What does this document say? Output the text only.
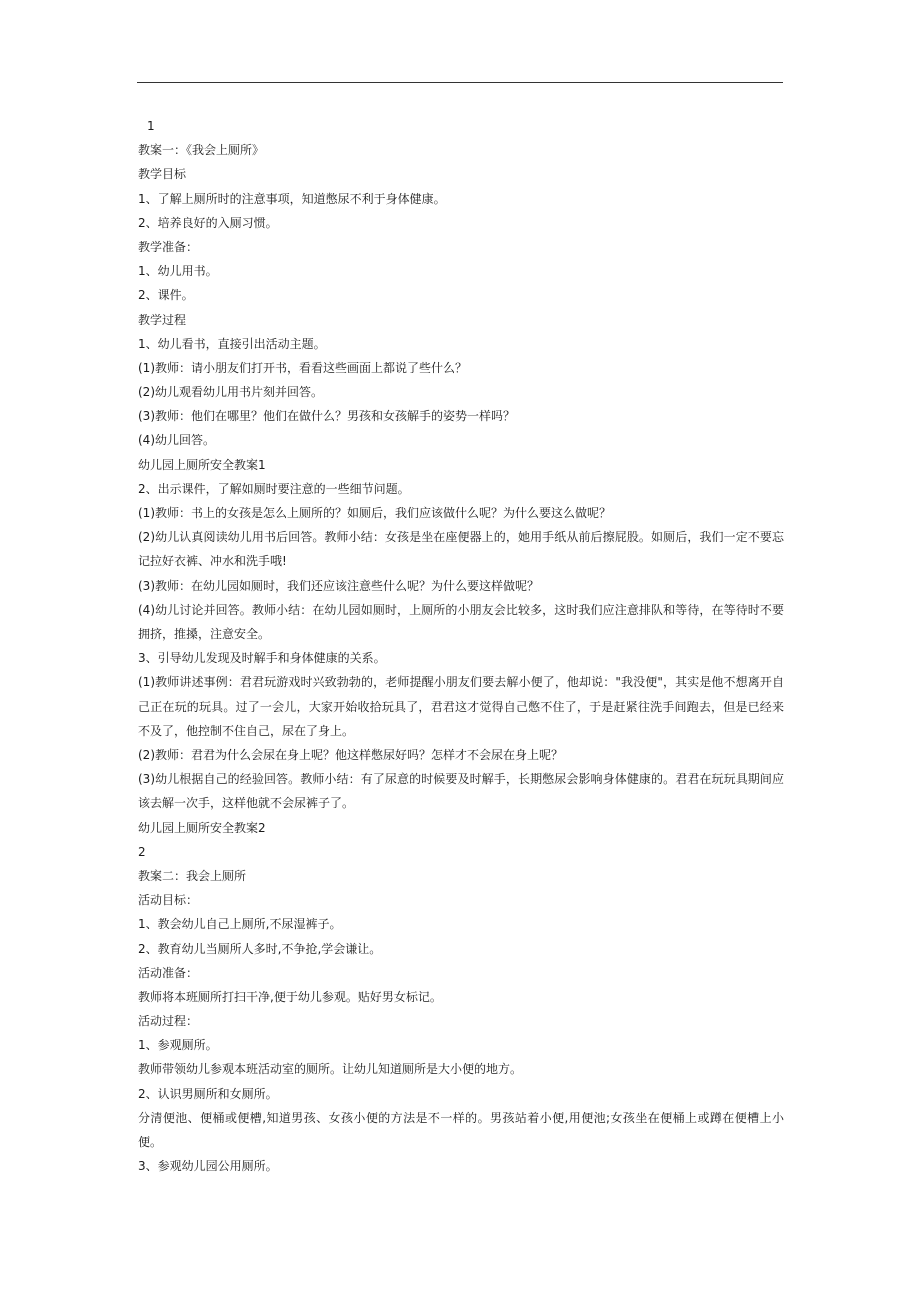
1
教案一：《我会上厕所》
教学目标
1、了解上厕所时的注意事项，知道憋尿不利于身体健康。
2、培养良好的入厕习惯。
教学准备：
1、幼儿用书。
2、课件。
教学过程
1、幼儿看书，直接引出活动主题。
(1)教师：请小朋友们打开书，看看这些画面上都说了些什么？
(2)幼儿观看幼儿用书片刻并回答。
(3)教师：他们在哪里？他们在做什么？男孩和女孩解手的姿势一样吗？
(4)幼儿回答。
幼儿园上厕所安全教案1
2、出示课件，了解如厕时要注意的一些细节问题。
(1)教师：书上的女孩是怎么上厕所的？如厕后，我们应该做什么呢？为什么要这么做呢？
(2)幼儿认真阅读幼儿用书后回答。教师小结：女孩是坐在座便器上的，她用手纸从前后擦屁股。如厕后，我们一定不要忘记拉好衣裤、冲水和洗手哦!
(3)教师：在幼儿园如厕时，我们还应该注意些什么呢？为什么要这样做呢？
(4)幼儿讨论并回答。教师小结：在幼儿园如厕时，上厕所的小朋友会比较多，这时我们应注意排队和等待，在等待时不要拥挤，推搡，注意安全。
3、引导幼儿发现及时解手和身体健康的关系。
(1)教师讲述事例：君君玩游戏时兴致勃勃的，老师提醒小朋友们要去解小便了，他却说："我没便"，其实是他不想离开自己正在玩的玩具。过了一会儿，大家开始收拾玩具了，君君这才觉得自己憋不住了，于是赶紧往洗手间跑去，但是已经来不及了，他控制不住自己，尿在了身上。
(2)教师：君君为什么会尿在身上呢？他这样憋尿好吗？怎样才不会尿在身上呢？
(3)幼儿根据自己的经验回答。教师小结：有了尿意的时候要及时解手，长期憋尿会影响身体健康的。君君在玩玩具期间应该去解一次手，这样他就不会尿裤子了。
幼儿园上厕所安全教案2
2
教案二：我会上厕所
活动目标：
1、教会幼儿自己上厕所,不尿湿裤子。
2、教育幼儿当厕所人多时,不争抢,学会谦让。
活动准备：
教师将本班厕所打扫干净,便于幼儿参观。贴好男女标记。
活动过程：
1、参观厕所。
教师带领幼儿参观本班活动室的厕所。让幼儿知道厕所是大小便的地方。
2、认识男厕所和女厕所。
分清便池、便桶或便槽,知道男孩、女孩小便的方法是不一样的。男孩站着小便,用便池;女孩坐在便桶上或蹲在便槽上小便。
3、参观幼儿园公用厕所。
